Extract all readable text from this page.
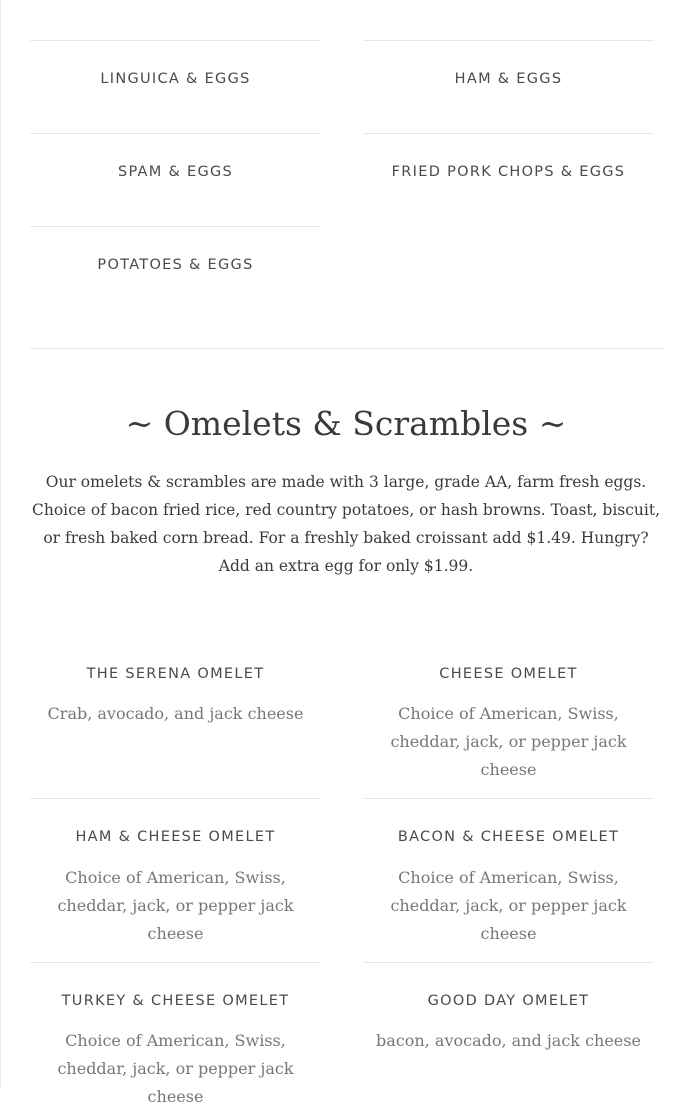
LINGUICA & EGGS	HAM & EGGS
SPAM & EGGS	FRIED PORK CHOPS & EGGS
POTATOES & EGGS
~ Omelets & Scrambles ~
Our omelets & scrambles are made with 3 large, grade AA, farm fresh eggs. Choice of bacon fried rice, red country potatoes, or hash browns. Toast, biscuit, or fresh baked corn bread. For a freshly baked croissant add $1.49. Hungry? Add an extra egg for only $1.99.
THE SERENA OMELET
Crab, avocado, and jack cheese
CHEESE OMELET
Choice of American, Swiss, cheddar, jack, or pepper jack cheese
HAM & CHEESE OMELET
Choice of American, Swiss, cheddar, jack, or pepper jack cheese
BACON & CHEESE OMELET
Choice of American, Swiss, cheddar, jack, or pepper jack cheese
TURKEY & CHEESE OMELET
Choice of American, Swiss, cheddar, jack, or pepper jack cheese
GOOD DAY OMELET
bacon, avocado, and jack cheese
